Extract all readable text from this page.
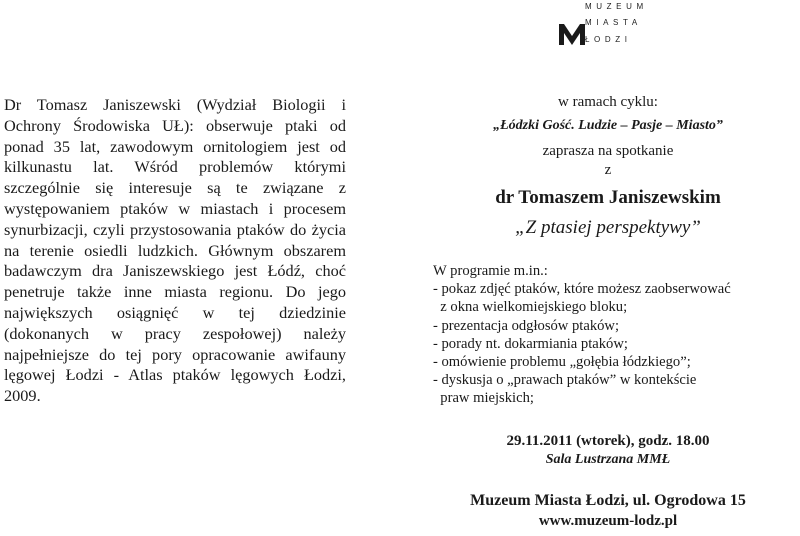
MUZEUM
MIASTA
ŁODZI
Dr Tomasz Janiszewski (Wydział Biologii i Ochrony Środowiska UŁ): obserwuje ptaki od ponad 35 lat, zawodowym ornitologiem jest od kilkunastu lat. Wśród problemów którymi szczególnie się interesuje są te związane z występowaniem ptaków w miastach i procesem synurbizacji, czyli przystosowania ptaków do życia na terenie osiedli ludzkich. Głównym obszarem badawczym dra Janiszewskiego jest Łódź, choć penetruje także inne miasta regionu. Do jego największych osiągnięć w tej dziedzinie (dokonanych w pracy zespołowej) należy najpełniejsze do tej pory opracowanie awifauny lęgowej Łodzi - Atlas ptaków lęgowych Łodzi, 2009.
w ramach cyklu:
„Łódzki Gość. Ludzie – Pasje – Miasto”
zaprasza na spotkanie
z
dr Tomaszem Janiszewskim
„Z ptasiej perspektywy”
W programie m.in.:
- pokaz zdjęć ptaków, które możesz zaobserwować
z okna wielkomiejskiego bloku;
- prezentacja odgłosów ptaków;
- porady nt. dokarmiania ptaków;
- omówienie problemu „gołębia łódzkiego”;
- dyskusja o „prawach ptaków” w kontekście
praw miejskich;
29.11.2011 (wtorek), godz. 18.00
Sala Lustrzana MMŁ
Muzeum Miasta Łodzi, ul. Ogrodowa 15
www.muzeum-lodz.pl
